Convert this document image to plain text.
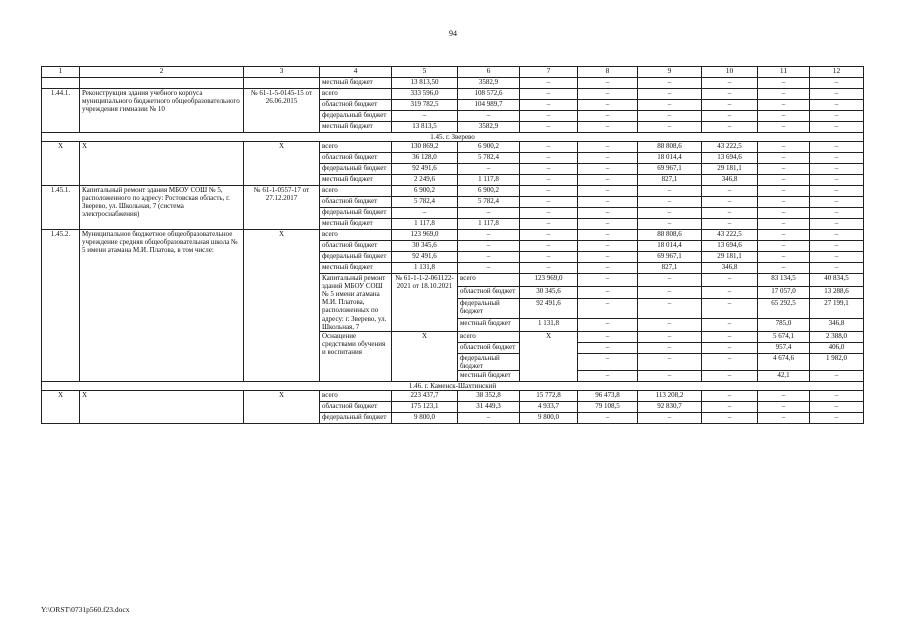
94
1	2	3	4	5	6	7	8	9	10	11	12	
			местный бюджет	13 813,50	3582,9	–	–	–	–	–	–	
1.44.1.	Реконструкция здания учебного корпуса муниципального бюджетного общеобразовательного учреждения гимназии № 10	№ 61-1-5-0145-15 от 26.06.2015	всего	333 596,0	108 572,6	–	–	–	–	–	–	
			областной бюджет	319 782,5	104 989,7	–	–	–	–	–	–	
			федеральный бюджет	–	–	–	–	–	–	–	–	
			местный бюджет	13 813,5	3582,9	–	–	–	–	–	–	
1.45. г. Зверево												
Х	Х	Х	всего	130 869,2	6 900,2	–	–	88 808,6	43 222,5	–	–	
			областной бюджет	36 128,0	5 782,4	–	–	18 014,4	13 694,6	–	–	
			федеральный бюджет	92 491,6	–	–	–	69 967,1	29 181,1	–	–	
			местный бюджет	2 249,6	1 117,8	–	–	827,1	346,8	–	–	
1.45.1.	Капитальный ремонт здания МБОУ СОШ № 5, расположенного по адресу: Ростовская область, г. Зверево, ул. Школьная, 7 (система электроснабжения)	№ 61-1-0557-17 от 27.12.2017	всего	6 900,2	6 900,2	–	–	–	–	–	–	
			областной бюджет	5 782,4	5 782,4	–	–	–	–	–	–	
			федеральный бюджет	–	–	–	–	–	–	–	–	
			местный бюджет	1 117,8	1 117,8	–	–	–	–	–	–	
1.45.2.	Муниципальное бюджетное общеобразовательное учреждение средняя общеобразовательная школа № 5 имени атамана М.И. Платова, в том числе:	Х	всего	123 969,0	–	–	–	88 808,6	43 222,5	–	–	
			областной бюджет	30 345,6	–	–	–	18 014,4	13 694,6	–	–	
			федеральный бюджет	92 491,6	–	–	–	69 967,1	29 181,1	–	–	
			местный бюджет	1 131,8	–	–	–	827,1	346,8	–	–	
			Капитальный ремонт зданий МБОУ СОШ № 5 имени атамана М.И. Платова, расположенных по адресу: г. Зверево, ул. Школьная, 7	№ 61-1-1-2-061122-2021 от 18.10.2021	всего	123 969,0	–	–	–	83 134,5	40 834,5		
					областной бюджет	30 345,6	–	–	–	17 057,0	13 288,6		
					федеральный бюджет	92 491,6	–	–	–	65 292,5	27 199,1		
					местный бюджет	1 131,8	–	–	–	785,0	346,8		
			Оснащение средствами обучения и воспитания	Х	всего	Х	–	–	–	5 674,1	2 388,0		
					областной бюджет		–	–	–	957,4	406,0		
					федеральный бюджет		–	–	–	4 674,6	1 982,0		
					местный бюджет		–	–	–	42,1	–		
1.46. г. Каменск-Шахтинский												
Х	Х	Х	всего	223 437,7	38 352,8	15 772,8	96 473,8	113 208,2	–	–	–	
			областной бюджет	175 123,1	31 449,3	4 933,7	79 108,5	92 830,7	–	–	–	
			федеральный бюджет	9 800,0	–	9 800,0	–	–	–	–	–	
Y:\ORST\0731p560.f23.docx
